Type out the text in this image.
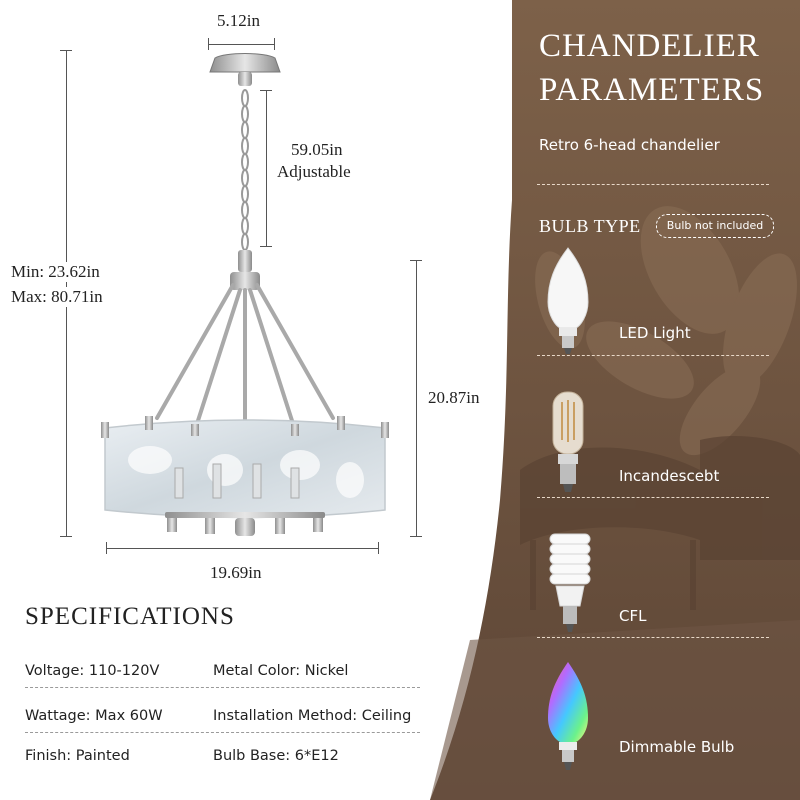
5.12in
59.05in
Adjustable
Min: 23.62in
Max: 80.71in
20.87in
19.69in
SPECIFICATIONS
Voltage: 110-120V	Metal Color: Nickel
Wattage: Max 60W	Installation Method: Ceiling
Finish: Painted	Bulb Base: 6*E12
CHANDELIER
PARAMETERS
Retro 6-head chandelier
BULB TYPE	Bulb not included
LED Light
Incandescebt
CFL
Dimmable Bulb
